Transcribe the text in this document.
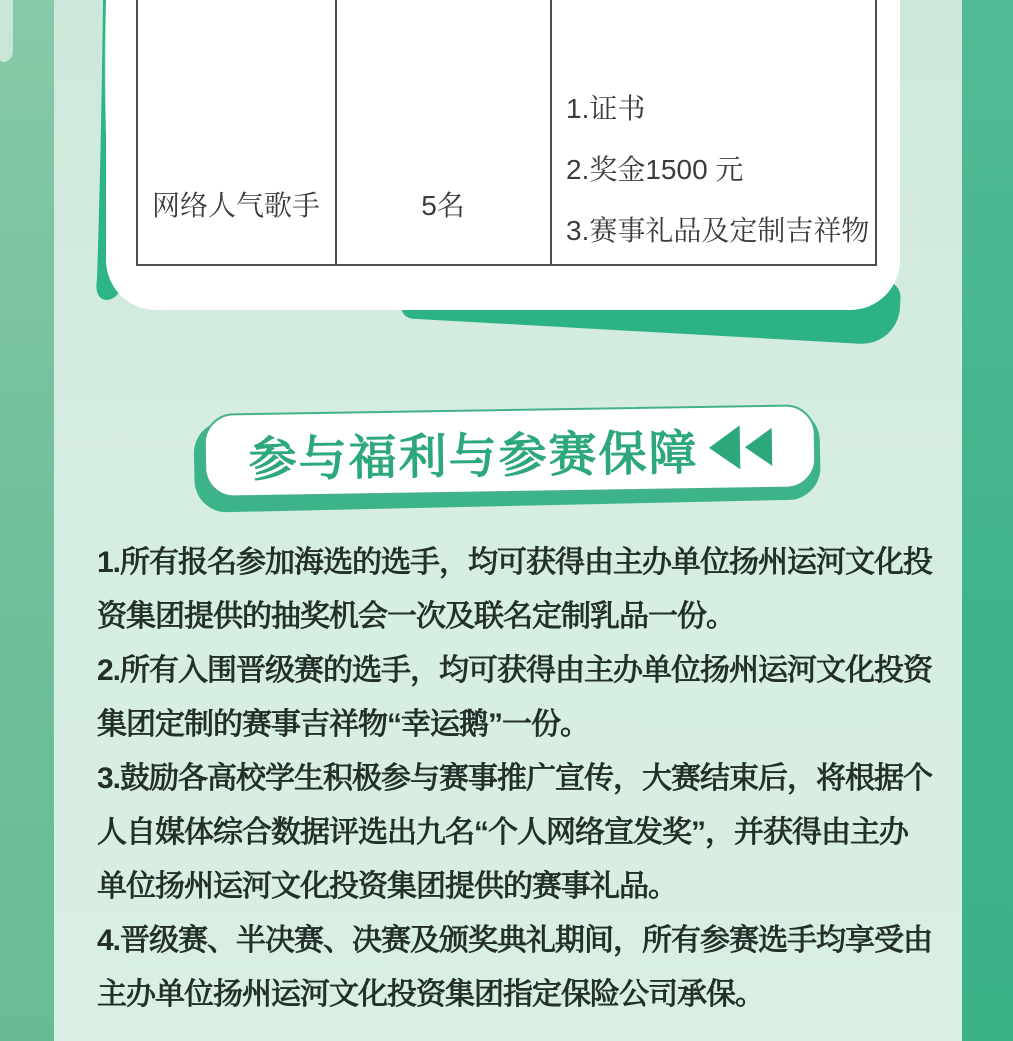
网络人气歌手	5名
1.证书
2.奖金1500 元
3.赛事礼品及定制吉祥物
参与福利与参赛保障
1.所有报名参加海选的选手，均可获得由主办单位扬州运河文化投
资集团提供的抽奖机会一次及联名定制乳品一份。
2.所有入围晋级赛的选手，均可获得由主办单位扬州运河文化投资
集团定制的赛事吉祥物“幸运鹅”一份。
3.鼓励各高校学生积极参与赛事推广宣传，大赛结束后，将根据个
人自媒体综合数据评选出九名“个人网络宣发奖”，并获得由主办
单位扬州运河文化投资集团提供的赛事礼品。
4.晋级赛、半决赛、决赛及颁奖典礼期间，所有参赛选手均享受由
主办单位扬州运河文化投资集团指定保险公司承保。
